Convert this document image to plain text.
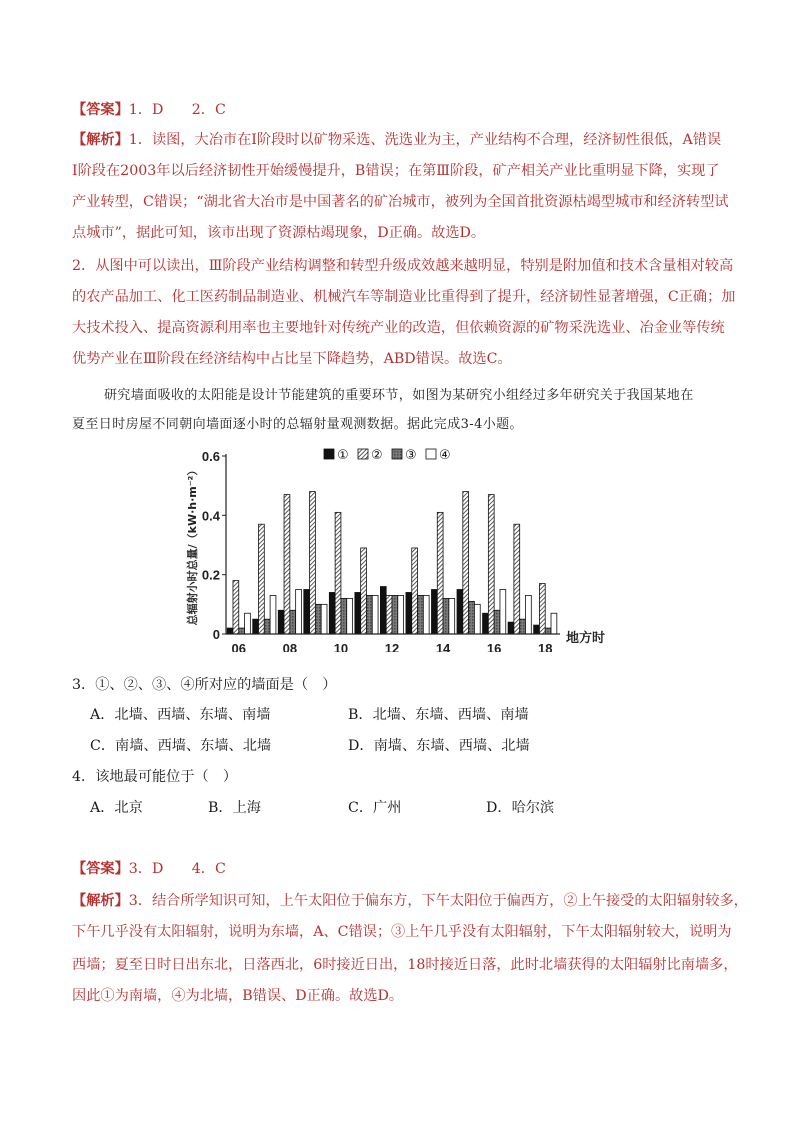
【答案】1．D　　2．C
【解析】1．读图，大冶市在Ⅰ阶段时以矿物采选、洗选业为主，产业结构不合理，经济韧性很低，A错误
Ⅰ阶段在2003年以后经济韧性开始缓慢提升，B错误；在第Ⅲ阶段，矿产相关产业比重明显下降，实现了
产业转型，C错误；“湖北省大冶市是中国著名的矿冶城市，被列为全国首批资源枯竭型城市和经济转型试
点城市”，据此可知，该市出现了资源枯竭现象，D正确。故选D。
2．从图中可以读出，Ⅲ阶段产业结构调整和转型升级成效越来越明显，特别是附加值和技术含量相对较高
的农产品加工、化工医药制品制造业、机械汽车等制造业比重得到了提升，经济韧性显著增强，C正确；加
大技术投入、提高资源利用率也主要地针对传统产业的改造，但依赖资源的矿物采洗选业、冶金业等传统
优势产业在Ⅲ阶段在经济结构中占比呈下降趋势，ABD错误。故选C。
研究墙面吸收的太阳能是设计节能建筑的重要环节，如图为某研究小组经过多年研究关于我国某地在
夏至日时房屋不同朝向墙面逐小时的总辐射量观测数据。据此完成3-4小题。
0.6
0.4
0.2
0
总辐射小时总量/（kW·h·m⁻²）
06	08	10	12	14	16	18
地方时
① ② ③ ④
3．①、②、③、④所对应的墙面是（　）
A．北墙、西墙、东墙、南墙	B．北墙、东墙、西墙、南墙
C．南墙、西墙、东墙、北墙	D．南墙、东墙、西墙、北墙
4．该地最可能位于（　）
A．北京	B．上海	C．广州	D．哈尔滨
【答案】3．D　　4．C
【解析】3．结合所学知识可知，上午太阳位于偏东方，下午太阳位于偏西方，②上午接受的太阳辐射较多，
下午几乎没有太阳辐射，说明为东墙，A、C错误；③上午几乎没有太阳辐射，下午太阳辐射较大，说明为
西墙；夏至日时日出东北，日落西北，6时接近日出，18时接近日落，此时北墙获得的太阳辐射比南墙多，
因此①为南墙，④为北墙，B错误、D正确。故选D。
